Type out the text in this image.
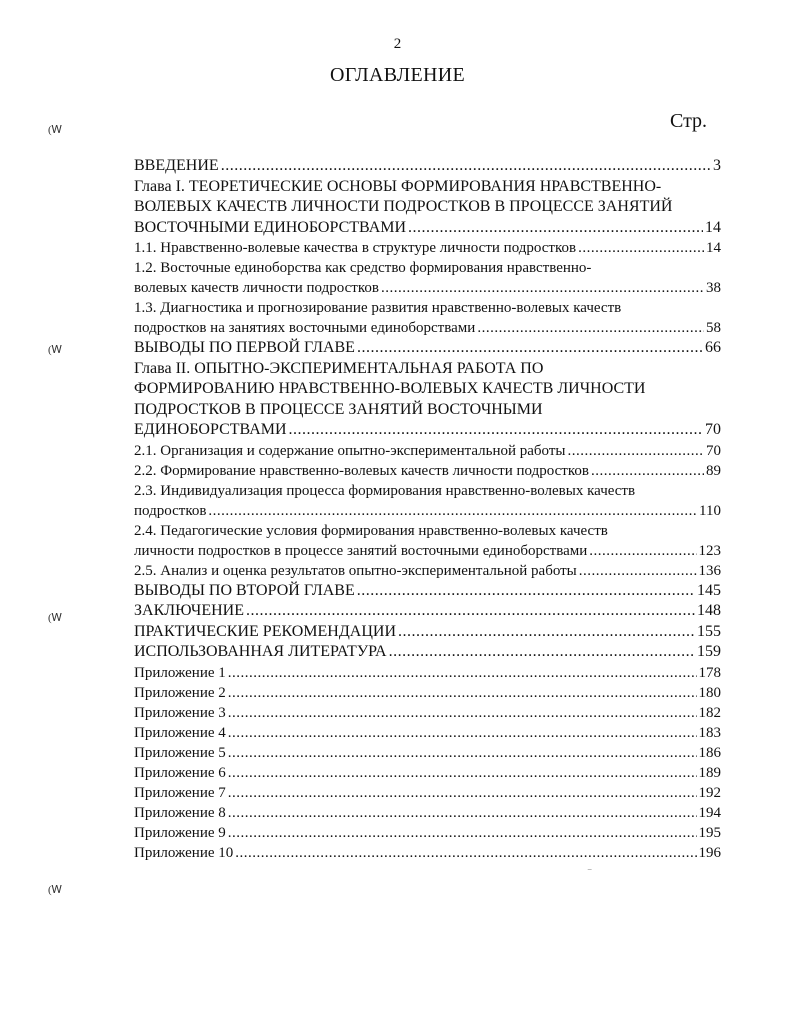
2
ОГЛАВЛЕНИЕ
Стр.
(Ꮃ
(Ꮃ
(Ꮃ
(Ꮃ
‾
ВВЕДЕНИЕ .....	3
Глава I. ТЕОРЕТИЧЕСКИЕ ОСНОВЫ ФОРМИРОВАНИЯ НРАВСТВЕННО-
ВОЛЕВЫХ КАЧЕСТВ ЛИЧНОСТИ ПОДРОСТКОВ В ПРОЦЕССЕ ЗАНЯТИЙ
ВОСТОЧНЫМИ ЕДИНОБОРСТВАМИ .....	14
1.1. Нравственно-волевые качества в структуре личности подростков .....	14
1.2. Восточные единоборства как средство формирования нравственно-
волевых качеств личности подростков .....	38
1.3. Диагностика и прогнозирование развития нравственно-волевых качеств
подростков на занятиях восточными единоборствами .....	58
ВЫВОДЫ ПО ПЕРВОЙ ГЛАВЕ .....	66
Глава II. ОПЫТНО-ЭКСПЕРИМЕНТАЛЬНАЯ РАБОТА ПО
ФОРМИРОВАНИЮ НРАВСТВЕННО-ВОЛЕВЫХ КАЧЕСТВ ЛИЧНОСТИ
ПОДРОСТКОВ В ПРОЦЕССЕ ЗАНЯТИЙ ВОСТОЧНЫМИ
ЕДИНОБОРСТВАМИ .....	70
2.1. Организация и содержание опытно-экспериментальной работы .....	70
2.2. Формирование нравственно-волевых качеств личности подростков .....	89
2.3. Индивидуализация процесса формирования нравственно-волевых качеств
подростков .....	110
2.4. Педагогические условия формирования нравственно-волевых качеств
личности подростков в процессе занятий восточными единоборствами .....	123
2.5. Анализ и оценка результатов опытно-экспериментальной работы .....	136
ВЫВОДЫ ПО ВТОРОЙ ГЛАВЕ .....	145
ЗАКЛЮЧЕНИЕ .....	148
ПРАКТИЧЕСКИЕ РЕКОМЕНДАЦИИ .....	155
ИСПОЛЬЗОВАННАЯ ЛИТЕРАТУРА .....	159
Приложение 1 .....	178
Приложение 2 .....	180
Приложение 3 .....	182
Приложение 4 .....	183
Приложение 5 .....	186
Приложение 6 .....	189
Приложение 7 .....	192
Приложение 8 .....	194
Приложение 9 .....	195
Приложение 10 .....	196
